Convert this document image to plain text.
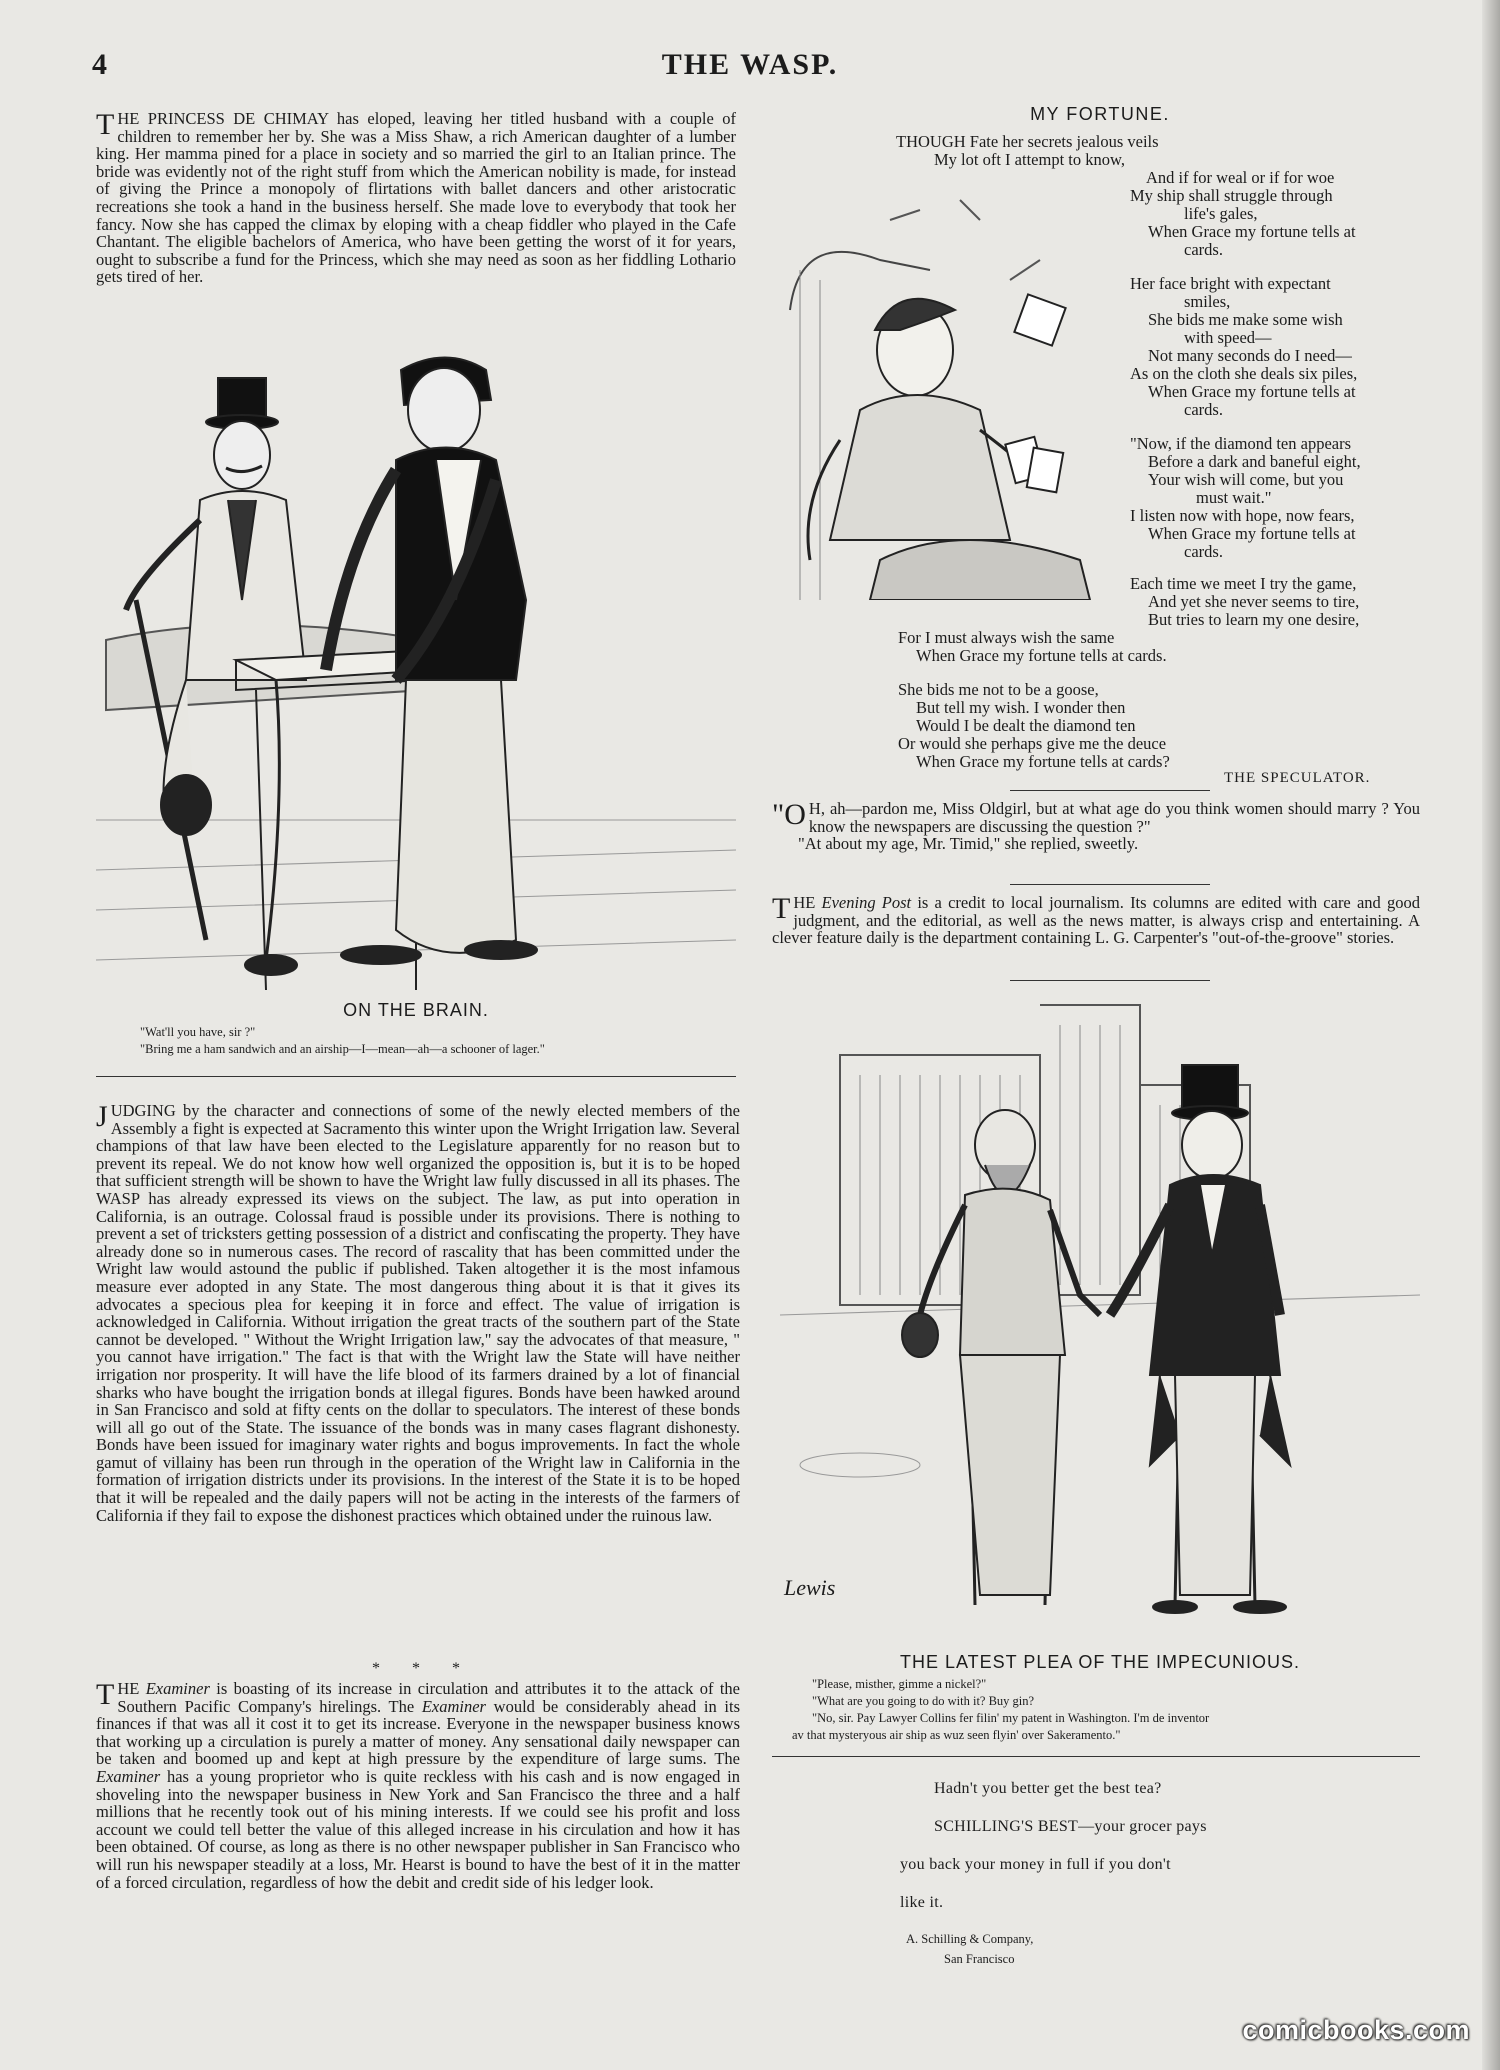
4	THE WASP.

THE PRINCESS DE CHIMAY has eloped, leaving her titled husband with a couple of children to remember her by. She was a Miss Shaw, a rich American daughter of a lumber king. Her mamma pined for a place in society and so married the girl to an Italian prince. The bride was evidently not of the right stuff from which the American nobility is made, for instead of giving the Prince a monopoly of flirtations with ballet dancers and other aristocratic recreations she took a hand in the business herself. She made love to everybody that took her fancy. Now she has capped the climax by eloping with a cheap fiddler who played in the Cafe Chantant. The eligible bachelors of America, who have been getting the worst of it for years, ought to subscribe a fund for the Princess, which she may need as soon as her fiddling Lothario gets tired of her.

ON THE BRAIN.
"Wat'll you have, sir ?"
"Bring me a ham sandwich and an airship—I—mean—ah—a schooner of lager."

JUDGING by the character and connections of some of the newly elected members of the Assembly a fight is expected at Sacramento this winter upon the Wright Irrigation law. Several champions of that law have been elected to the Legislature apparently for no reason but to prevent its repeal. We do not know how well organized the opposition is, but it is to be hoped that sufficient strength will be shown to have the Wright law fully discussed in all its phases. The WASP has already expressed its views on the subject. The law, as put into operation in California, is an outrage. Colossal fraud is possible under its provisions. There is nothing to prevent a set of tricksters getting possession of a district and confiscating the property. They have already done so in numerous cases. The record of rascality that has been committed under the Wright law would astound the public if published. Taken altogether it is the most infamous measure ever adopted in any State. The most dangerous thing about it is that it gives its advocates a specious plea for keeping it in force and effect. The value of irrigation is acknowledged in California. Without irrigation the great tracts of the southern part of the State cannot be developed. " Without the Wright Irrigation law," say the advocates of that measure, " you cannot have irrigation." The fact is that with the Wright law the State will have neither irrigation nor prosperity. It will have the life blood of its farmers drained by a lot of financial sharks who have bought the irrigation bonds at illegal figures. Bonds have been hawked around in San Francisco and sold at fifty cents on the dollar to speculators. The interest of these bonds will all go out of the State. The issuance of the bonds was in many cases flagrant dishonesty. Bonds have been issued for imaginary water rights and bogus improvements. In fact the whole gamut of villainy has been run through in the operation of the Wright law in California in the formation of irrigation districts under its provisions. In the interest of the State it is to be hoped that it will be repealed and the daily papers will not be acting in the interests of the farmers of California if they fail to expose the dishonest practices which obtained under the ruinous law.

* * *

THE Examiner is boasting of its increase in circulation and attributes it to the attack of the Southern Pacific Company's hirelings. The Examiner would be considerably ahead in its finances if that was all it cost it to get its increase. Everyone in the newspaper business knows that working up a circulation is purely a matter of money. Any sensational daily newspaper can be taken and boomed up and kept at high pressure by the expenditure of large sums. The Examiner has a young proprietor who is quite reckless with his cash and is now engaged in shoveling into the newspaper business in New York and San Francisco the three and a half millions that he recently took out of his mining interests. If we could see his profit and loss account we could tell better the value of this alleged increase in his circulation and how it has been obtained. Of course, as long as there is no other newspaper publisher in San Francisco who will run his newspaper steadily at a loss, Mr. Hearst is bound to have the best of it in the matter of a forced circulation, regardless of how the debit and credit side of his ledger look.

MY FORTUNE.
THOUGH Fate her secrets jealous veils
My lot oft I attempt to know,
And if for weal or if for woe
My ship shall struggle through
life's gales,
When Grace my fortune tells at
cards.
Her face bright with expectant
smiles,
She bids me make some wish
with speed—
Not many seconds do I need—
As on the cloth she deals six piles,
When Grace my fortune tells at
cards.
"Now, if the diamond ten appears
Before a dark and baneful eight,
Your wish will come, but you
must wait."
I listen now with hope, now fears,
When Grace my fortune tells at
cards.
Each time we meet I try the game,
And yet she never seems to tire,
But tries to learn my one desire,
For I must always wish the same
When Grace my fortune tells at cards.
She bids me not to be a goose,
But tell my wish. I wonder then
Would I be dealt the diamond ten
Or would she perhaps give me the deuce
When Grace my fortune tells at cards?
THE SPECULATOR.

"OH, ah—pardon me, Miss Oldgirl, but at what age do you think women should marry ? You know the newspapers are discussing the question ?"

"At about my age, Mr. Timid," she replied, sweetly.

THE Evening Post is a credit to local journalism. Its columns are edited with care and good judgment, and the editorial, as well as the news matter, is always crisp and entertaining. A clever feature daily is the department containing L. G. Carpenter's "out-of-the-groove" stories.

Lewis
THE LATEST PLEA OF THE IMPECUNIOUS.
"Please, misther, gimme a nickel?"
"What are you going to do with it? Buy gin?
"No, sir. Pay Lawyer Collins fer filin' my patent in Washington. I'm de inventor
av that mysteryous air ship as wuz seen flyin' over Sakeramento."
Hadn't you better get the best tea?
SCHILLING'S BEST—your grocer pays
you back your money in full if you don't
like it.
A. Schilling & Company,
San Francisco
comicbooks.com
